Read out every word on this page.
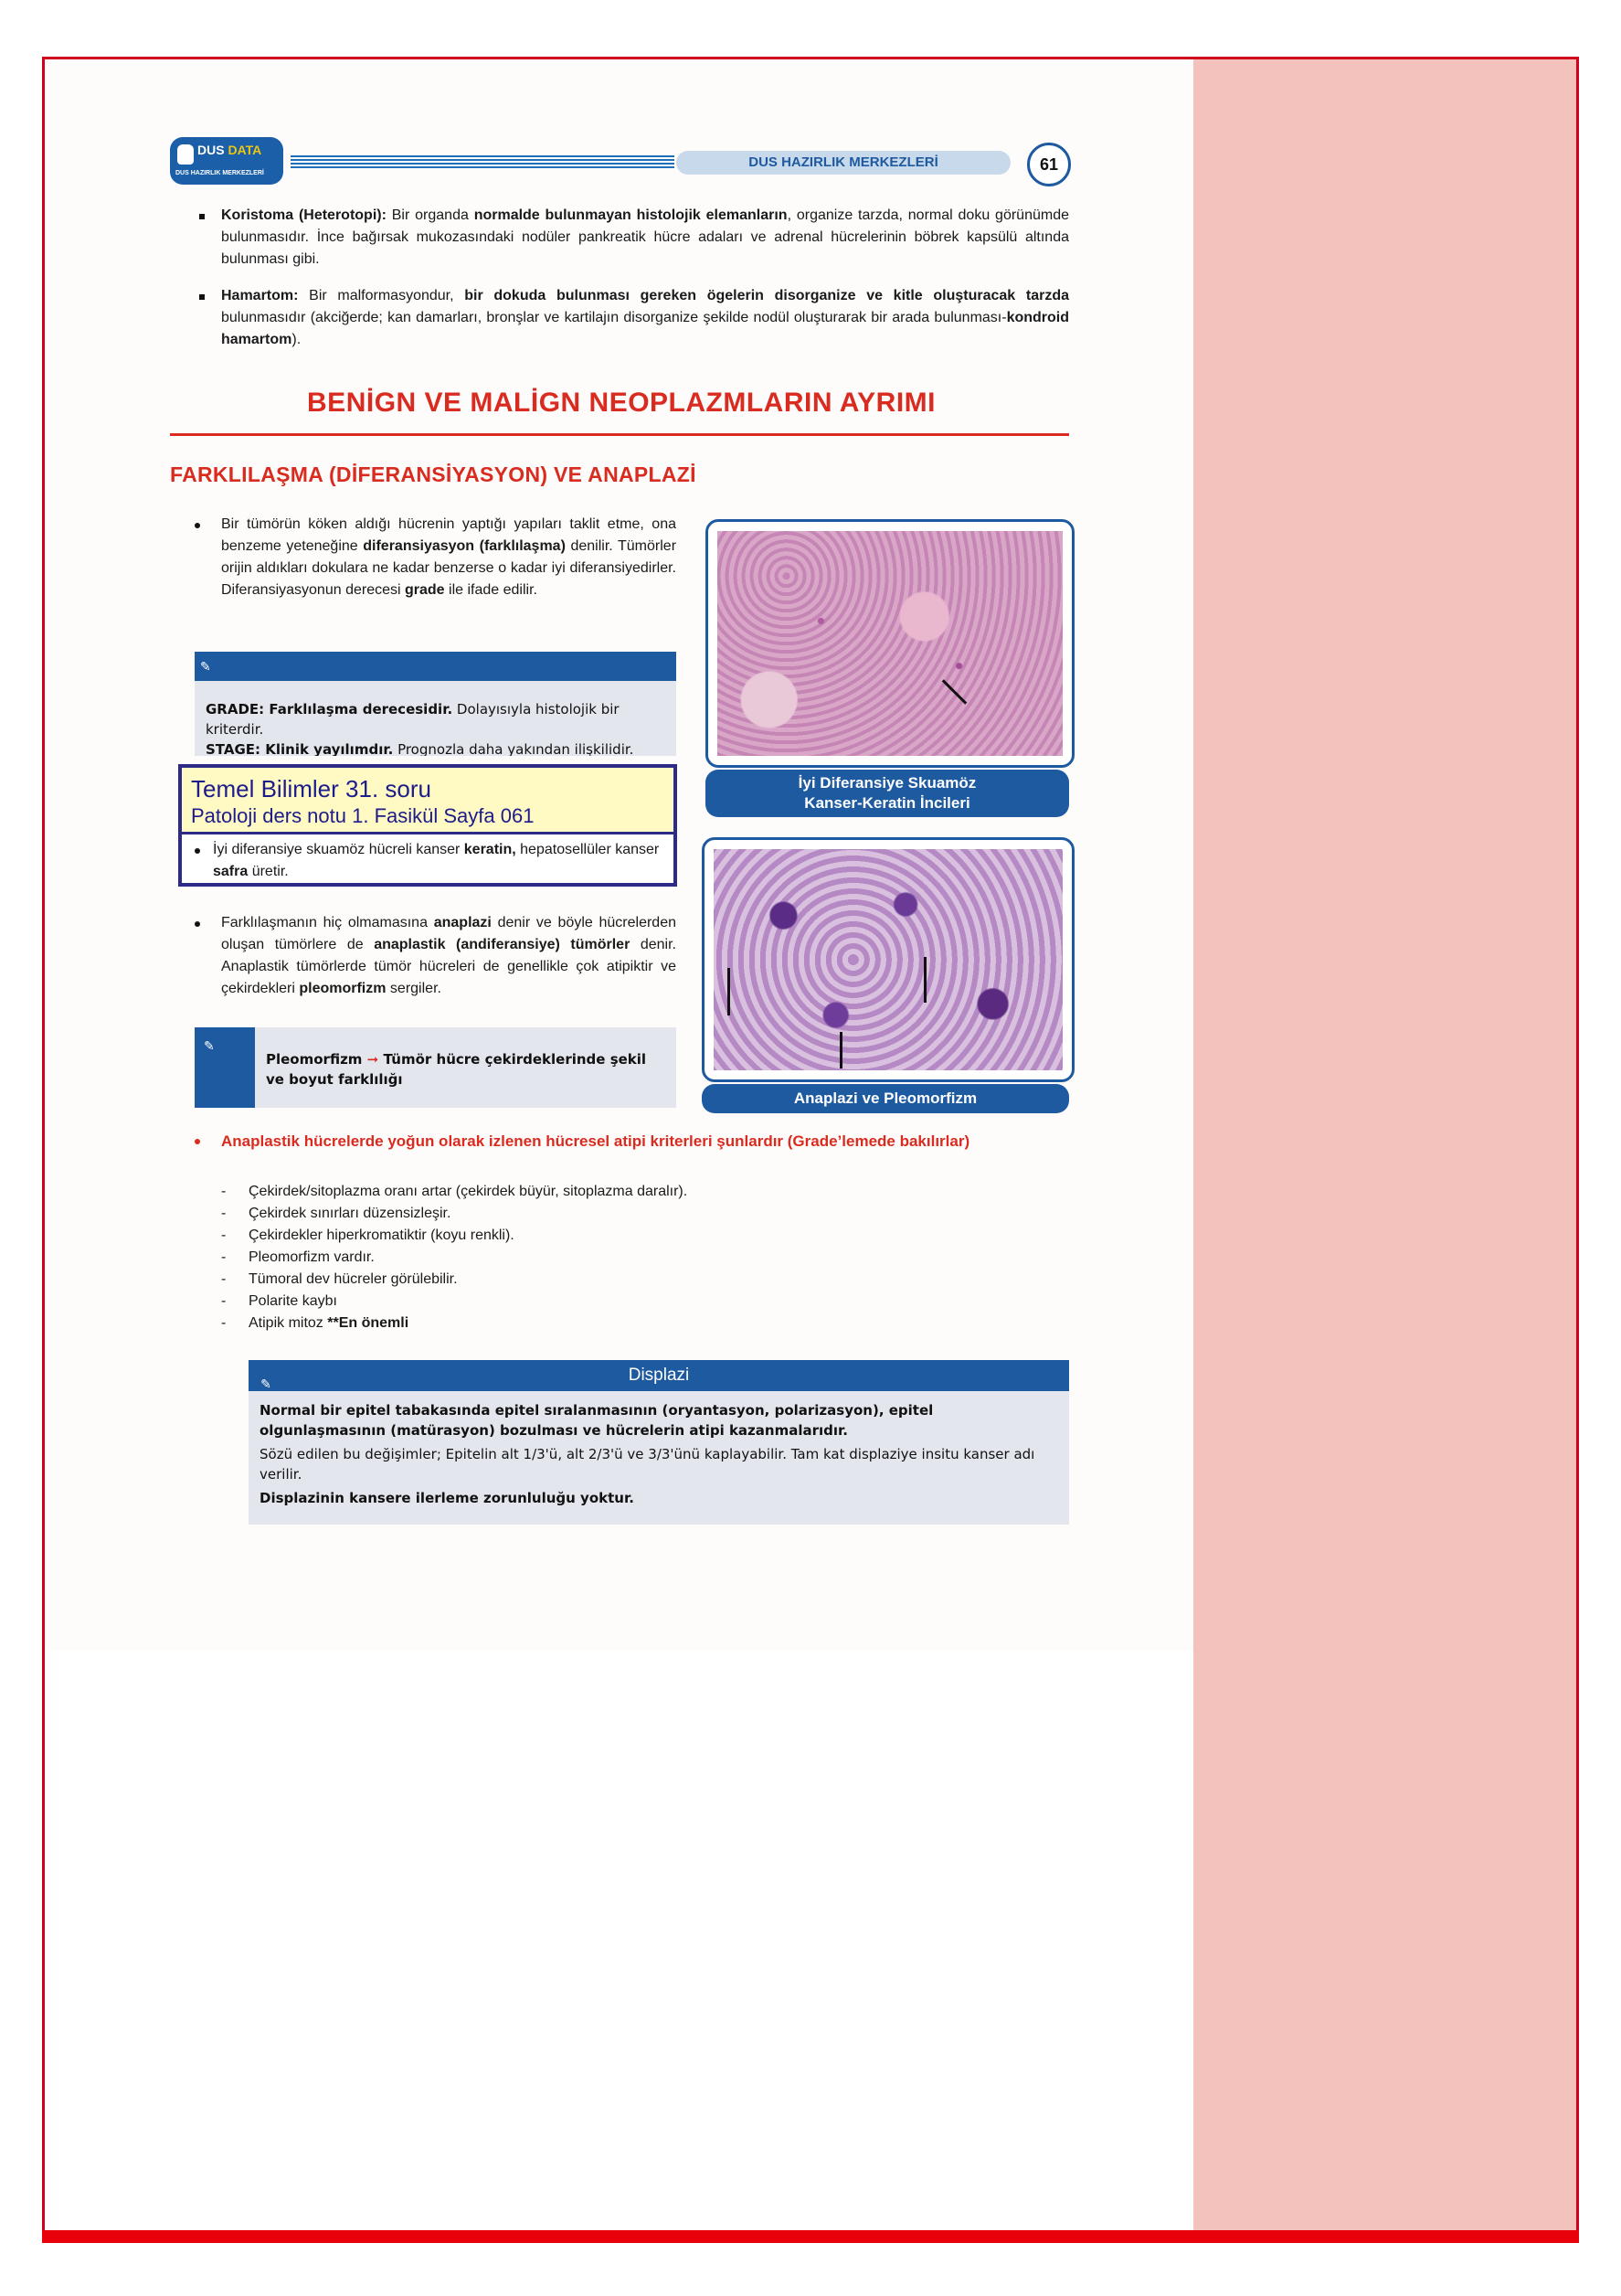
DUS DATA
DUS HAZIRLIK MERKEZLERİ
DUS HAZIRLIK MERKEZLERİ	61
Koristoma (Heterotopi): Bir organda normalde bulunmayan histolojik elemanların, organize tarzda, normal doku görünümde bulunmasıdır. İnce bağırsak mukozasındaki nodüler pankreatik hücre adaları ve adrenal hücrelerinin böbrek kapsülü altında bulunması gibi.
Hamartom: Bir malformasyondur, bir dokuda bulunması gereken ögelerin disorganize ve kitle oluşturacak tarzda bulunmasıdır (akciğerde; kan damarları, bronşlar ve kartilajın disorganize şekilde nodül oluşturarak bir arada bulunması-kondroid hamartom).
BENİGN VE MALİGN NEOPLAZMLARIN AYRIMI
FARKLILAŞMA (DİFERANSİYASYON) VE ANAPLAZİ
Bir tümörün köken aldığı hücrenin yaptığı yapıları taklit etme, ona benzeme yeteneğine diferansiyasyon (farklılaşma) denilir. Tümörler orijin aldıkları dokulara ne kadar benzerse o kadar iyi diferansiyedirler. Diferansiyasyonun derecesi grade ile ifade edilir.
✎
GRADE: Farklılaşma derecesidir. Dolayısıyla histolojik bir kriterdir.
STAGE: Klinik yayılımdır. Prognozla daha yakından ilişkilidir.
Temel Bilimler 31. soru
Patoloji ders notu 1. Fasikül Sayfa 061
İyi diferansiye skuamöz hücreli kanser keratin, hepatosellüler kanser safra üretir.
İyi Diferansiye Skuamöz
Kanser-Keratin İncileri
Anaplazi ve Pleomorfizm
Farklılaşmanın hiç olmamasına anaplazi denir ve böyle hücrelerden oluşan tümörlere de anaplastik (andiferansiye) tümörler denir. Anaplastik tümörlerde tümör hücreleri de genellikle çok atipiktir ve çekirdekleri pleomorfizm sergiler.
✎
Pleomorfizm ➞ Tümör hücre çekirdeklerinde şekil ve boyut farklılığı
Anaplastik hücrelerde yoğun olarak izlenen hücresel atipi kriterleri şunlardır (Grade’lemede bakılırlar)
- Çekirdek/sitoplazma oranı artar (çekirdek büyür, sitoplazma daralır).
- Çekirdek sınırları düzensizleşir.
- Çekirdekler hiperkromatiktir (koyu renkli).
- Pleomorfizm vardır.
- Tümoral dev hücreler görülebilir.
- Polarite kaybı
- Atipik mitoz **En önemli
✎	Displazi
Normal bir epitel tabakasında epitel sıralanmasının (oryantasyon, polarizasyon), epitel olgunlaşmasının (matürasyon) bozulması ve hücrelerin atipi kazanmalarıdır.
Sözü edilen bu değişimler; Epitelin alt 1/3'ü, alt 2/3'ü ve 3/3'ünü kaplayabilir. Tam kat displaziye insitu kanser adı verilir.
Displazinin kansere ilerleme zorunluluğu yoktur.
